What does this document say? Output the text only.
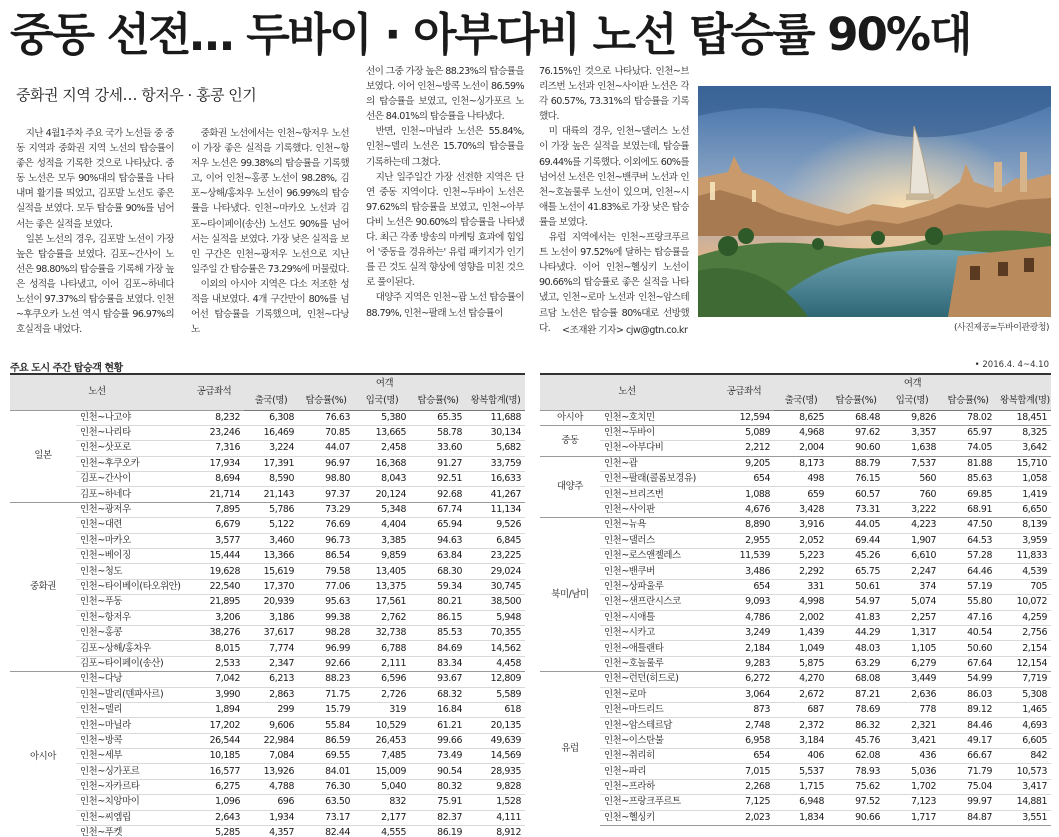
중동 선전… 두바이 · 아부다비 노선 탑승률 90%대
중화권 지역 강세… 항저우 · 홍콩 인기

지난 4월1주차 주요 국가 노선들 중 중동 지역과 중화권 지역 노선의 탑승률이 좋은 성적을 기록한 것으로 나타났다. 중동 노선은 모두 90%대의 탑승률을 나타내며 활기를 띄었고, 김포발 노선도 좋은 실적을 보였다. 모두 탑승률 90%를 넘어서는 좋은 실적을 보였다.

일본 노선의 경우, 김포발 노선이 가장 높은 탑승률을 보였다. 김포~간사이 노선은 98.80%의 탑승률을 기록해 가장 높은 성적을 나타냈고, 이어 김포~하네다 노선이 97.37%의 탑승률을 보였다. 인천~후쿠오카 노선 역시 탑승률 96.97%의 호실적을 내었다.

중화권 노선에서는 인천~항저우 노선이 가장 좋은 실적을 기록했다. 인천~항저우 노선은 99.38%의 탑승률을 기록했고, 이어 인천~홍콩 노선이 98.28%, 김포~상해/홍차우 노선이 96.99%의 탑승률을 나타냈다. 인천~마카오 노선과 김포~타이페이(송산) 노선도 90%를 넘어서는 실적을 보였다. 가장 낮은 실적을 보인 구간은 인천~광저우 노선으로 지난 일주일 간 탑승률은 73.29%에 머물렀다.

이외의 아시아 지역은 다소 저조한 성적을 내보였다. 4개 구간만이 80%를 넘어선 탑승률을 기록했으며, 인천~다낭 노

선이 그중 가장 높은 88.23%의 탑승률을 보였다. 이어 인천~방콕 노선이 86.59%의 탑승률을 보였고, 인천~싱가포르 노선은 84.01%의 탑승률을 나타냈다.

반면, 인천~마닐라 노선은 55.84%, 인천~델리 노선은 15.70%의 탑승률을 기록하는데 그쳤다.

지난 일주일간 가장 선전한 지역은 단연 중동 지역이다. 인천~두바이 노선은 97.62%의 탑승률을 보였고, 인천~아부다비 노선은 90.60%의 탑승률을 나타냈다. 최근 각종 방송의 마케팅 효과에 힘입어 '중동을 경유하는' 유럽 패키지가 인기를 끈 것도 실적 향상에 영향을 미친 것으로 풀이된다.

대양주 지역은 인천~괌 노선 탑승률이 88.79%, 인천~팔래 노선 탑승률이

76.15%인 것으로 나타났다. 인천~브리즈번 노선과 인천~사이판 노선은 각각 60.57%, 73.31%의 탑승률을 기록했다.

미 대륙의 경우, 인천~댈러스 노선이 가장 높은 실적을 보였는데, 탑승률 69.44%를 기록했다. 이외에도 60%를 넘어선 노선은 인천~밴쿠버 노선과 인천~호놀룰루 노선이 있으며, 인천~시애틀 노선이 41.83%로 가장 낮은 탑승률을 보였다.

유럽 지역에서는 인천~프랑크푸르트 노선이 97.52%에 달하는 탑승률을 나타냈다. 이어 인천~헬싱키 노선이 90.66%의 탑승률로 좋은 실적을 나타냈고, 인천~로마 노선과 인천~암스테르담 노선은 탑승률 80%대로 선방했다.	<조재완 기자> cjw@gtn.co.kr	(사진제공=두바이관광청)
주요 도시 주간 탑승객 현황	• 2016.4. 4~4.10
노선		공급좌석	여객				
			출국(명)	탑승률(%)	입국(명)	탑승률(%)	왕복합계(명)
일본	인천~나고야	8,232	6,308	76.63	5,380	65.35	11,688
	인천~나리타	23,246	16,469	70.85	13,665	58.78	30,134
	인천~삿포로	7,316	3,224	44.07	2,458	33.60	5,682
	인천~후쿠오카	17,934	17,391	96.97	16,368	91.27	33,759
	김포~간사이	8,694	8,590	98.80	8,043	92.51	16,633
	김포~하네다	21,714	21,143	97.37	20,124	92.68	41,267
중화권	인천~광저우	7,895	5,786	73.29	5,348	67.74	11,134
	인천~대련	6,679	5,122	76.69	4,404	65.94	9,526
	인천~마카오	3,577	3,460	96.73	3,385	94.63	6,845
	인천~베이징	15,444	13,366	86.54	9,859	63.84	23,225
	인천~청도	19,628	15,619	79.58	13,405	68.30	29,024
	인천~타이베이(타오위안)	22,540	17,370	77.06	13,375	59.34	30,745
	인천~푸동	21,895	20,939	95.63	17,561	80.21	38,500
	인천~항저우	3,206	3,186	99.38	2,762	86.15	5,948
	인천~홍콩	38,276	37,617	98.28	32,738	85.53	70,355
	김포~상해/홍차우	8,015	7,774	96.99	6,788	84.69	14,562
	김포~타이페이(송산)	2,533	2,347	92.66	2,111	83.34	4,458
아시아	인천~다낭	7,042	6,213	88.23	6,596	93.67	12,809
	인천~발리(덴파사르)	3,990	2,863	71.75	2,726	68.32	5,589
	인천~델리	1,894	299	15.79	319	16.84	618
	인천~마닐라	17,202	9,606	55.84	10,529	61.21	20,135
	인천~방콕	26,544	22,984	86.59	26,453	99.66	49,639
	인천~세부	10,185	7,084	69.55	7,485	73.49	14,569
	인천~싱가포르	16,577	13,926	84.01	15,009	90.54	28,935
	인천~자카르타	6,275	4,788	76.30	5,040	80.32	9,828
	인천~치앙마이	1,096	696	63.50	832	75.91	1,528
	인천~씨엠립	2,643	1,934	73.17	2,177	82.37	4,111
	인천~푸켓	5,285	4,357	82.44	4,555	86.19	8,912
노선		공급좌석	여객				
			출국(명)	탑승률(%)	입국(명)	탑승률(%)	왕복합계(명)
아시아	인천~호치민	12,594	8,625	68.48	9,826	78.02	18,451
중동	인천~두바이	5,089	4,968	97.62	3,357	65.97	8,325
	인천~아부다비	2,212	2,004	90.60	1,638	74.05	3,642
대양주	인천~괌	9,205	8,173	88.79	7,537	81.88	15,710
	인천~팔래(콜롬보경유)	654	498	76.15	560	85.63	1,058
	인천~브리즈번	1,088	659	60.57	760	69.85	1,419
	인천~사이판	4,676	3,428	73.31	3,222	68.91	6,650
북미/남미	인천~뉴욕	8,890	3,916	44.05	4,223	47.50	8,139
	인천~댈러스	2,955	2,052	69.44	1,907	64.53	3,959
	인천~로스앤젤레스	11,539	5,223	45.26	6,610	57.28	11,833
	인천~밴쿠버	3,486	2,292	65.75	2,247	64.46	4,539
	인천~상파울루	654	331	50.61	374	57.19	705
	인천~샌프란시스코	9,093	4,998	54.97	5,074	55.80	10,072
	인천~시애틀	4,786	2,002	41.83	2,257	47.16	4,259
	인천~시카고	3,249	1,439	44.29	1,317	40.54	2,756
	인천~애틀랜타	2,184	1,049	48.03	1,105	50.60	2,154
	인천~호놀룰루	9,283	5,875	63.29	6,279	67.64	12,154
유럽	인천~런던(히드로)	6,272	4,270	68.08	3,449	54.99	7,719
	인천~로마	3,064	2,672	87.21	2,636	86.03	5,308
	인천~마드리드	873	687	78.69	778	89.12	1,465
	인천~암스테르담	2,748	2,372	86.32	2,321	84.46	4,693
	인천~이스탄불	6,958	3,184	45.76	3,421	49.17	6,605
	인천~취리히	654	406	62.08	436	66.67	842
	인천~파리	7,015	5,537	78.93	5,036	71.79	10,573
	인천~프라하	2,268	1,715	75.62	1,702	75.04	3,417
	인천~프랑크푸르트	7,125	6,948	97.52	7,123	99.97	14,881
	인천~헬싱키	2,023	1,834	90.66	1,717	84.87	3,551
